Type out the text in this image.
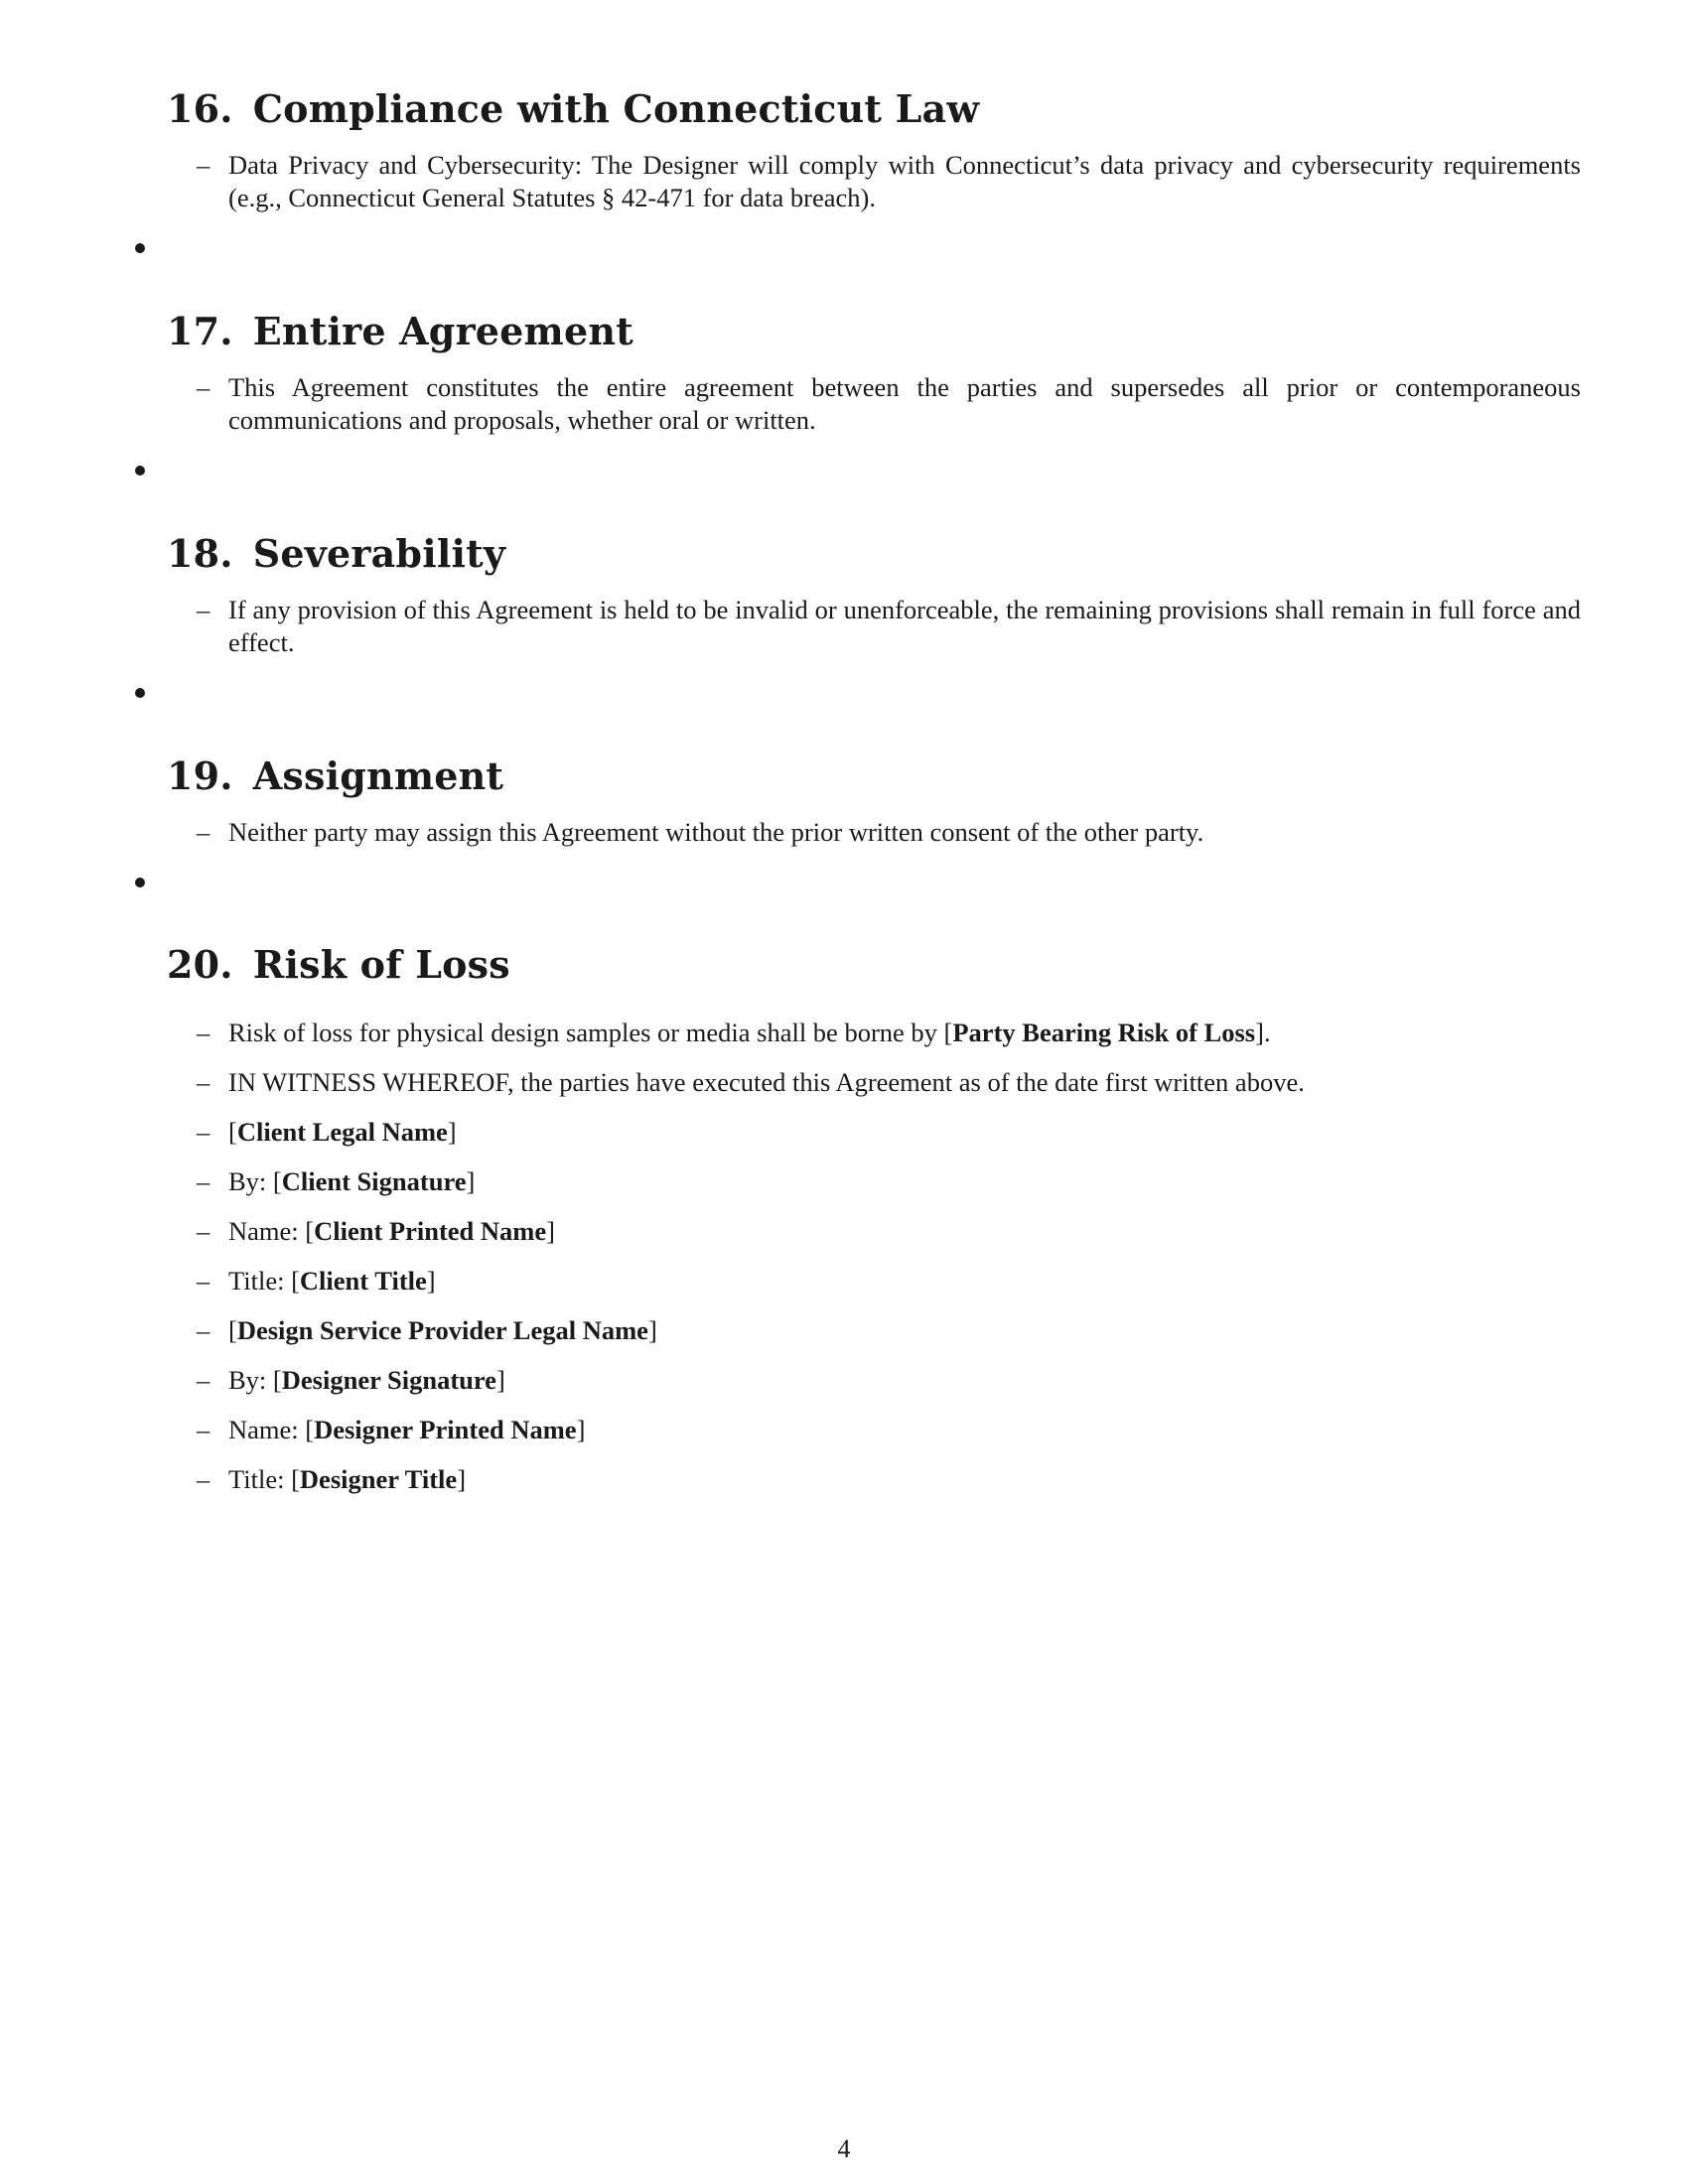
16. Compliance with Connecticut Law
– Data Privacy and Cybersecurity: The Designer will comply with Connecticut’s data privacy and cybersecurity requirements (e.g., Connecticut General Statutes § 42-471 for data breach).
17. Entire Agreement
– This Agreement constitutes the entire agreement between the parties and supersedes all prior or contemporaneous communications and proposals, whether oral or written.
18. Severability
– If any provision of this Agreement is held to be invalid or unenforceable, the remaining provisions shall remain in full force and effect.
19. Assignment
– Neither party may assign this Agreement without the prior written consent of the other party.
20. Risk of Loss
– Risk of loss for physical design samples or media shall be borne by [Party Bearing Risk of Loss].
– IN WITNESS WHEREOF, the parties have executed this Agreement as of the date first written above.
– [Client Legal Name]
– By: [Client Signature]
– Name: [Client Printed Name]
– Title: [Client Title]
– [Design Service Provider Legal Name]
– By: [Designer Signature]
– Name: [Designer Printed Name]
– Title: [Designer Title]
4
